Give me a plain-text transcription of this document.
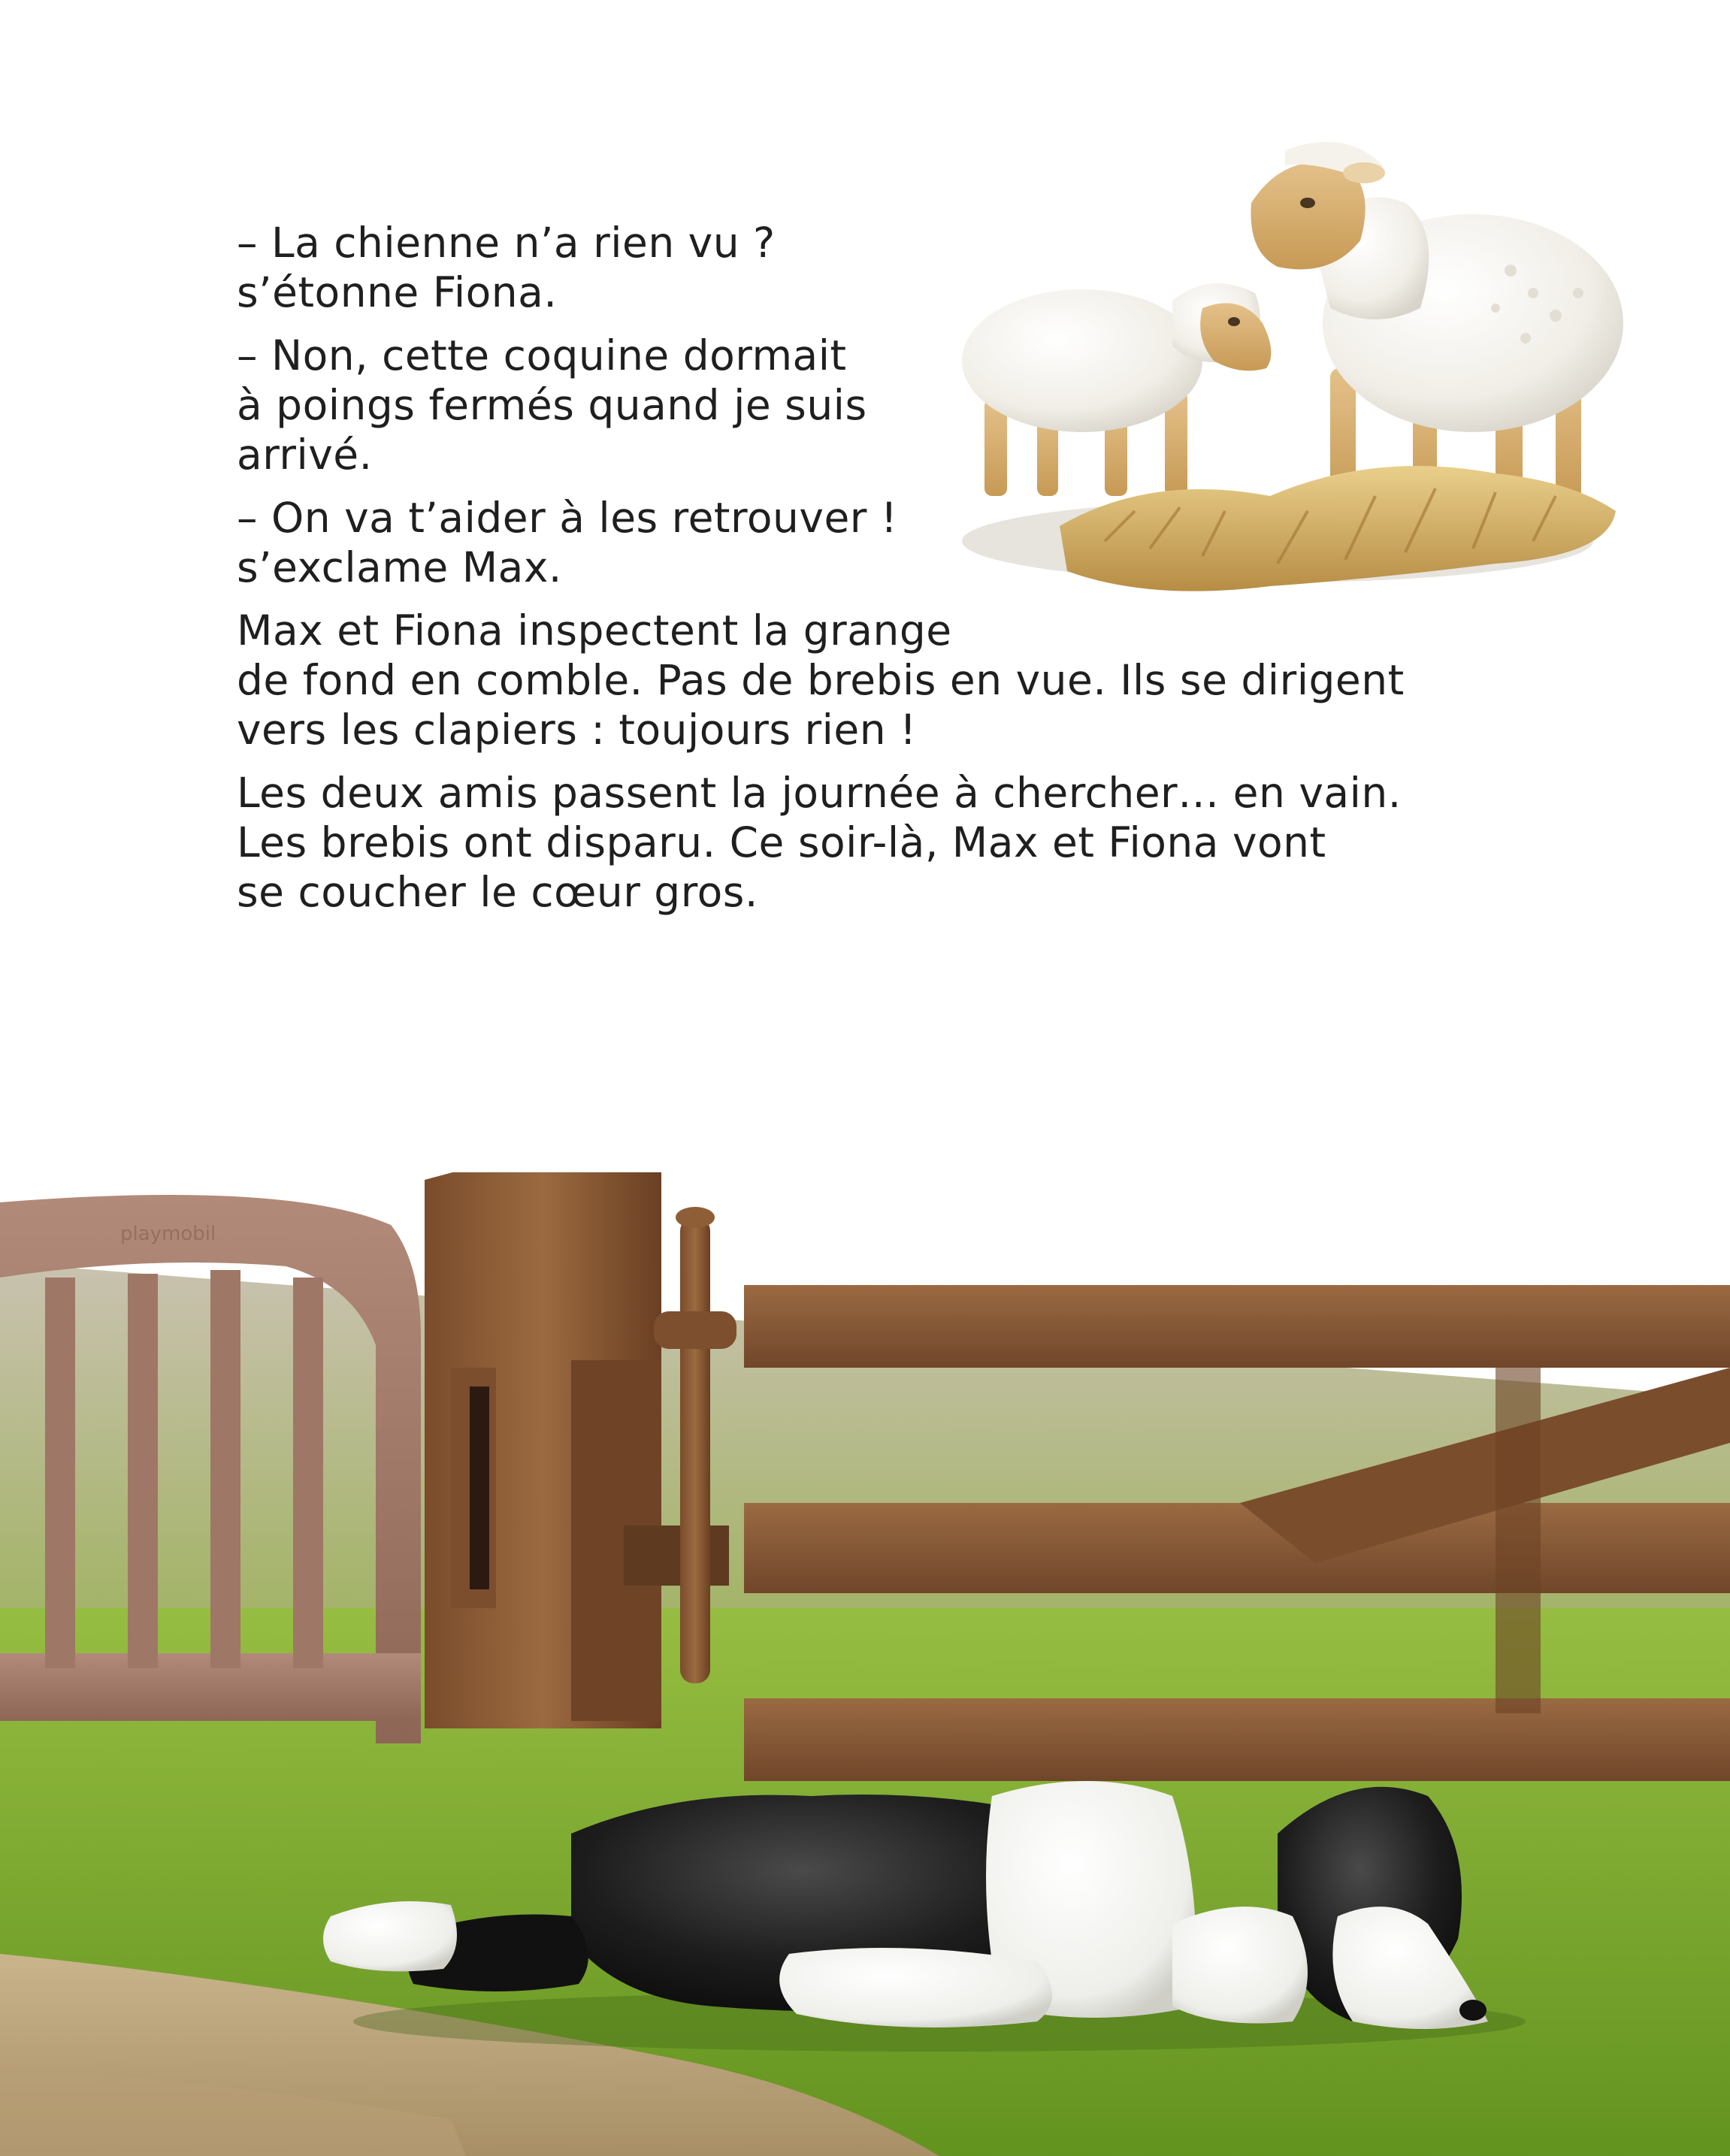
– La chienne n’a rien vu ?
s’étonne Fiona.

– Non, cette coquine dormait
à poings fermés quand je suis
arrivé.

– On va t’aider à les retrouver !
s’exclame Max.

Max et Fiona inspectent la grange
de fond en comble. Pas de brebis en vue. Ils se dirigent
vers les clapiers : toujours rien !

Les deux amis passent la journée à chercher… en vain.
Les brebis ont disparu. Ce soir-là, Max et Fiona vont
se coucher le cœur gros.

playmobil
